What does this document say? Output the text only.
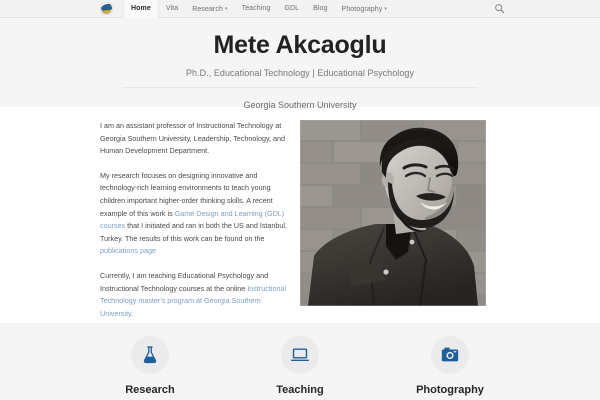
Home	Vita	Research ▾	Teaching	GDL	Blog	Photography ▾
Mete Akcaoglu
Ph.D., Educational Technology | Educational Psychology
Georgia Southern University

I am an assistant professor of Instructional Technology at Georgia Southern University, Leadership, Technology, and Human Development Department.

My research focuses on designing innovative and technology-rich learning environments to teach young children important higher-order thinking skills. A recent example of this work is Game Design and Learning (GDL) courses that I initiated and ran in both the US and Istanbul, Turkey. The results of this work can be found on the publications page

Currently, I am teaching Educational Psychology and Instructional Technology courses at the online Instructional Technology master's program at Georgia Southern University.

Research	Teaching	Photography
